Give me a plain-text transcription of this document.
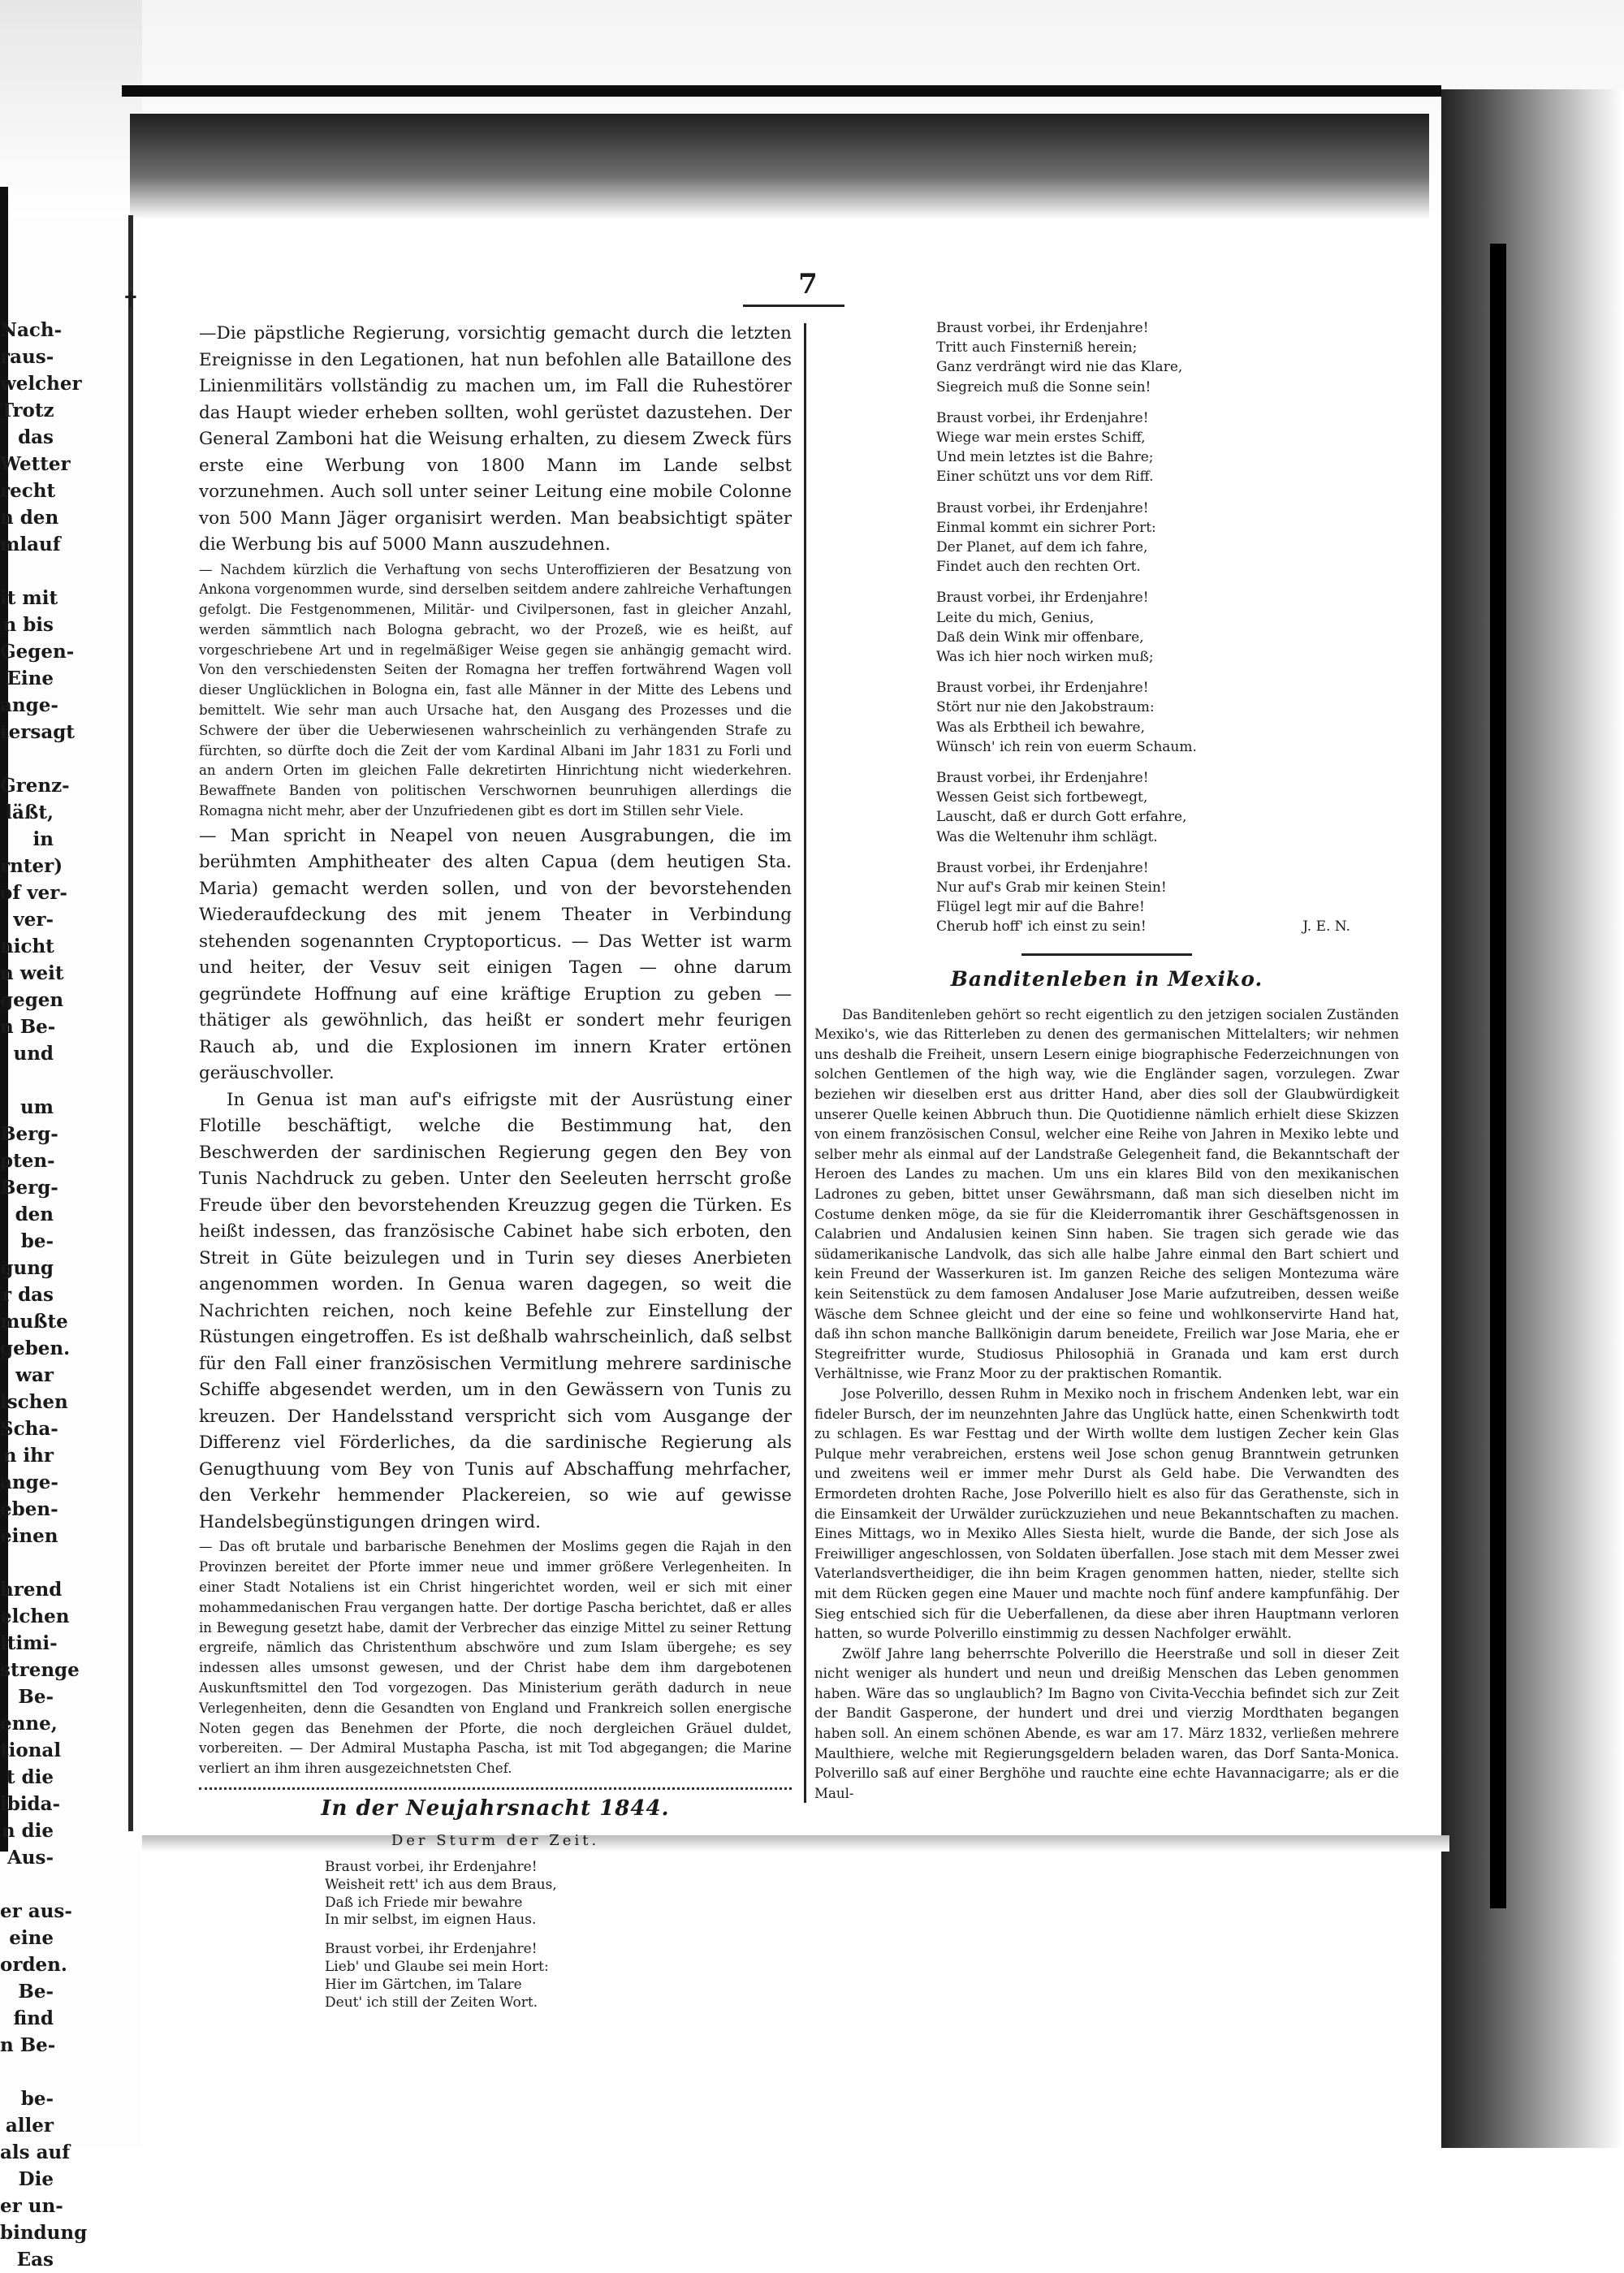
Nach-
raus-
welcher
Trotz
das
Wetter
recht
n den
mlauf
it mit
n bis
Gegen-
Eine
ange-
tersagt
Grenz-
läßt,
in
rnter)
of ver-
ver-
nicht
n weit
gegen
n Be-
und
um
Berg-
pten-
Berg-
den
be-
gung
r das
mußte
geben.
war
lschen
Scha-
n ihr
ange-
eben-
einen
hrend
elchen
ltimi-
strenge
Be-
enne,
tional
t die
lbida-
n die
Aus-
er aus-
eine
orden.
Be-
find
n Be-
be-
aller
als auf
Die
er un-
bindung
Eas
✝	7

—Die päpstliche Regierung, vorsichtig gemacht durch die letzten Ereignisse in den Legationen, hat nun befohlen alle Bataillone des Linienmilitärs vollständig zu machen um, im Fall die Ruhestörer das Haupt wieder erheben sollten, wohl gerüstet dazustehen. Der General Zamboni hat die Weisung erhalten, zu diesem Zweck fürs erste eine Werbung von 1800 Mann im Lande selbst vorzunehmen. Auch soll unter seiner Leitung eine mobile Colonne von 500 Mann Jäger organisirt werden. Man beabsichtigt später die Werbung bis auf 5000 Mann auszudehnen.

— Nachdem kürzlich die Verhaftung von sechs Unteroffizieren der Besatzung von Ankona vorgenommen wurde, sind derselben seitdem andere zahlreiche Verhaftungen gefolgt. Die Festgenommenen, Militär- und Civilpersonen, fast in gleicher Anzahl, werden sämmtlich nach Bologna gebracht, wo der Prozeß, wie es heißt, auf vorgeschriebene Art und in regelmäßiger Weise gegen sie anhängig gemacht wird. Von den verschiedensten Seiten der Romagna her treffen fortwährend Wagen voll dieser Unglücklichen in Bologna ein, fast alle Männer in der Mitte des Lebens und bemittelt. Wie sehr man auch Ursache hat, den Ausgang des Prozesses und die Schwere der über die Ueberwiesenen wahrscheinlich zu verhängenden Strafe zu fürchten, so dürfte doch die Zeit der vom Kardinal Albani im Jahr 1831 zu Forli und an andern Orten im gleichen Falle dekretirten Hinrichtung nicht wiederkehren. Bewaffnete Banden von politischen Verschwornen beunruhigen allerdings die Romagna nicht mehr, aber der Unzufriedenen gibt es dort im Stillen sehr Viele.

— Man spricht in Neapel von neuen Ausgrabungen, die im berühmten Amphitheater des alten Capua (dem heutigen Sta. Maria) gemacht werden sollen, und von der bevorstehenden Wiederaufdeckung des mit jenem Theater in Verbindung stehenden sogenannten Cryptoporticus. — Das Wetter ist warm und heiter, der Vesuv seit einigen Tagen — ohne darum gegründete Hoffnung auf eine kräftige Eruption zu geben — thätiger als gewöhnlich, das heißt er sondert mehr feurigen Rauch ab, und die Explosionen im innern Krater ertönen geräuschvoller.

In Genua ist man auf's eifrigste mit der Ausrüstung einer Flotille beschäftigt, welche die Bestimmung hat, den Beschwerden der sardinischen Regierung gegen den Bey von Tunis Nachdruck zu geben. Unter den Seeleuten herrscht große Freude über den bevorstehenden Kreuzzug gegen die Türken. Es heißt indessen, das französische Cabinet habe sich erboten, den Streit in Güte beizulegen und in Turin sey dieses Anerbieten angenommen worden. In Genua waren dagegen, so weit die Nachrichten reichen, noch keine Befehle zur Einstellung der Rüstungen eingetroffen. Es ist deßhalb wahrscheinlich, daß selbst für den Fall einer französischen Vermitlung mehrere sardinische Schiffe abgesendet werden, um in den Gewässern von Tunis zu kreuzen. Der Handelsstand verspricht sich vom Ausgange der Differenz viel Förderliches, da die sardinische Regierung als Genugthuung vom Bey von Tunis auf Abschaffung mehrfacher, den Verkehr hemmender Plackereien, so wie auf gewisse Handelsbegünstigungen dringen wird.

— Das oft brutale und barbarische Benehmen der Moslims gegen die Rajah in den Provinzen bereitet der Pforte immer neue und immer größere Verlegenheiten. In einer Stadt Notaliens ist ein Christ hingerichtet worden, weil er sich mit einer mohammedanischen Frau vergangen hatte. Der dortige Pascha berichtet, daß er alles in Bewegung gesetzt habe, damit der Verbrecher das einzige Mittel zu seiner Rettung ergreife, nämlich das Christenthum abschwöre und zum Islam übergehe; es sey indessen alles umsonst gewesen, und der Christ habe dem ihm dargebotenen Auskunftsmittel den Tod vorgezogen. Das Ministerium geräth dadurch in neue Verlegenheiten, denn die Gesandten von England und Frankreich sollen energische Noten gegen das Benehmen der Pforte, die noch dergleichen Gräuel duldet, vorbereiten. — Der Admiral Mustapha Pascha, ist mit Tod abgegangen; die Marine verliert an ihm ihren ausgezeichnetsten Chef.

In der Neujahrsnacht 1844.
Der Sturm der Zeit.
Braust vorbei, ihr Erdenjahre!
Weisheit rett' ich aus dem Braus,
Daß ich Friede mir bewahre
In mir selbst, im eignen Haus.
Braust vorbei, ihr Erdenjahre!
Lieb' und Glaube sei mein Hort:
Hier im Gärtchen, im Talare
Deut' ich still der Zeiten Wort.
Braust vorbei, ihr Erdenjahre!
Tritt auch Finsterniß herein;
Ganz verdrängt wird nie das Klare,
Siegreich muß die Sonne sein!
Braust vorbei, ihr Erdenjahre!
Wiege war mein erstes Schiff,
Und mein letztes ist die Bahre;
Einer schützt uns vor dem Riff.
Braust vorbei, ihr Erdenjahre!
Einmal kommt ein sichrer Port:
Der Planet, auf dem ich fahre,
Findet auch den rechten Ort.
Braust vorbei, ihr Erdenjahre!
Leite du mich, Genius,
Daß dein Wink mir offenbare,
Was ich hier noch wirken muß;
Braust vorbei, ihr Erdenjahre!
Stört nur nie den Jakobstraum:
Was als Erbtheil ich bewahre,
Wünsch' ich rein von euerm Schaum.
Braust vorbei, ihr Erdenjahre!
Wessen Geist sich fortbewegt,
Lauscht, daß er durch Gott erfahre,
Was die Weltenuhr ihm schlägt.
Braust vorbei, ihr Erdenjahre!
Nur auf's Grab mir keinen Stein!
Flügel legt mir auf die Bahre!
Cherub hoff' ich einst zu sein!	J. E. N.
Banditenleben in Mexiko.

Das Banditenleben gehört so recht eigentlich zu den jetzigen socialen Zuständen Mexiko's, wie das Ritterleben zu denen des germanischen Mittelalters; wir nehmen uns deshalb die Freiheit, unsern Lesern einige biographische Federzeichnungen von solchen Gentlemen of the high way, wie die Engländer sagen, vorzulegen. Zwar beziehen wir dieselben erst aus dritter Hand, aber dies soll der Glaubwürdigkeit unserer Quelle keinen Abbruch thun. Die Quotidienne nämlich erhielt diese Skizzen von einem französischen Consul, welcher eine Reihe von Jahren in Mexiko lebte und selber mehr als einmal auf der Landstraße Gelegenheit fand, die Bekanntschaft der Heroen des Landes zu machen. Um uns ein klares Bild von den mexikanischen Ladrones zu geben, bittet unser Gewährsmann, daß man sich dieselben nicht im Costume denken möge, da sie für die Kleiderromantik ihrer Geschäftsgenossen in Calabrien und Andalusien keinen Sinn haben. Sie tragen sich gerade wie das südamerikanische Landvolk, das sich alle halbe Jahre einmal den Bart schiert und kein Freund der Wasserkuren ist. Im ganzen Reiche des seligen Montezuma wäre kein Seitenstück zu dem famosen Andaluser Jose Marie aufzutreiben, dessen weiße Wäsche dem Schnee gleicht und der eine so feine und wohlkonservirte Hand hat, daß ihn schon manche Ballkönigin darum beneidete, Freilich war Jose Maria, ehe er Stegreifritter wurde, Studiosus Philosophiä in Granada und kam erst durch Verhältnisse, wie Franz Moor zu der praktischen Romantik.

Jose Polverillo, dessen Ruhm in Mexiko noch in frischem Andenken lebt, war ein fideler Bursch, der im neunzehnten Jahre das Unglück hatte, einen Schenkwirth todt zu schlagen. Es war Festtag und der Wirth wollte dem lustigen Zecher kein Glas Pulque mehr verabreichen, erstens weil Jose schon genug Branntwein getrunken und zweitens weil er immer mehr Durst als Geld habe. Die Verwandten des Ermordeten drohten Rache, Jose Polverillo hielt es also für das Gerathenste, sich in die Einsamkeit der Urwälder zurückzuziehen und neue Bekanntschaften zu machen. Eines Mittags, wo in Mexiko Alles Siesta hielt, wurde die Bande, der sich Jose als Freiwilliger angeschlossen, von Soldaten überfallen. Jose stach mit dem Messer zwei Vaterlandsvertheidiger, die ihn beim Kragen genommen hatten, nieder, stellte sich mit dem Rücken gegen eine Mauer und machte noch fünf andere kampfunfähig. Der Sieg entschied sich für die Ueberfallenen, da diese aber ihren Hauptmann verloren hatten, so wurde Polverillo einstimmig zu dessen Nachfolger erwählt.

Zwölf Jahre lang beherrschte Polverillo die Heerstraße und soll in dieser Zeit nicht weniger als hundert und neun und dreißig Menschen das Leben genommen haben. Wäre das so unglaublich? Im Bagno von Civita-Vecchia befindet sich zur Zeit der Bandit Gasperone, der hundert und drei und vierzig Mordthaten begangen haben soll. An einem schönen Abende, es war am 17. März 1832, verließen mehrere Maulthiere, welche mit Regierungsgeldern beladen waren, das Dorf Santa-Monica. Polverillo saß auf einer Berghöhe und rauchte eine echte Havannacigarre; als er die Maul-
